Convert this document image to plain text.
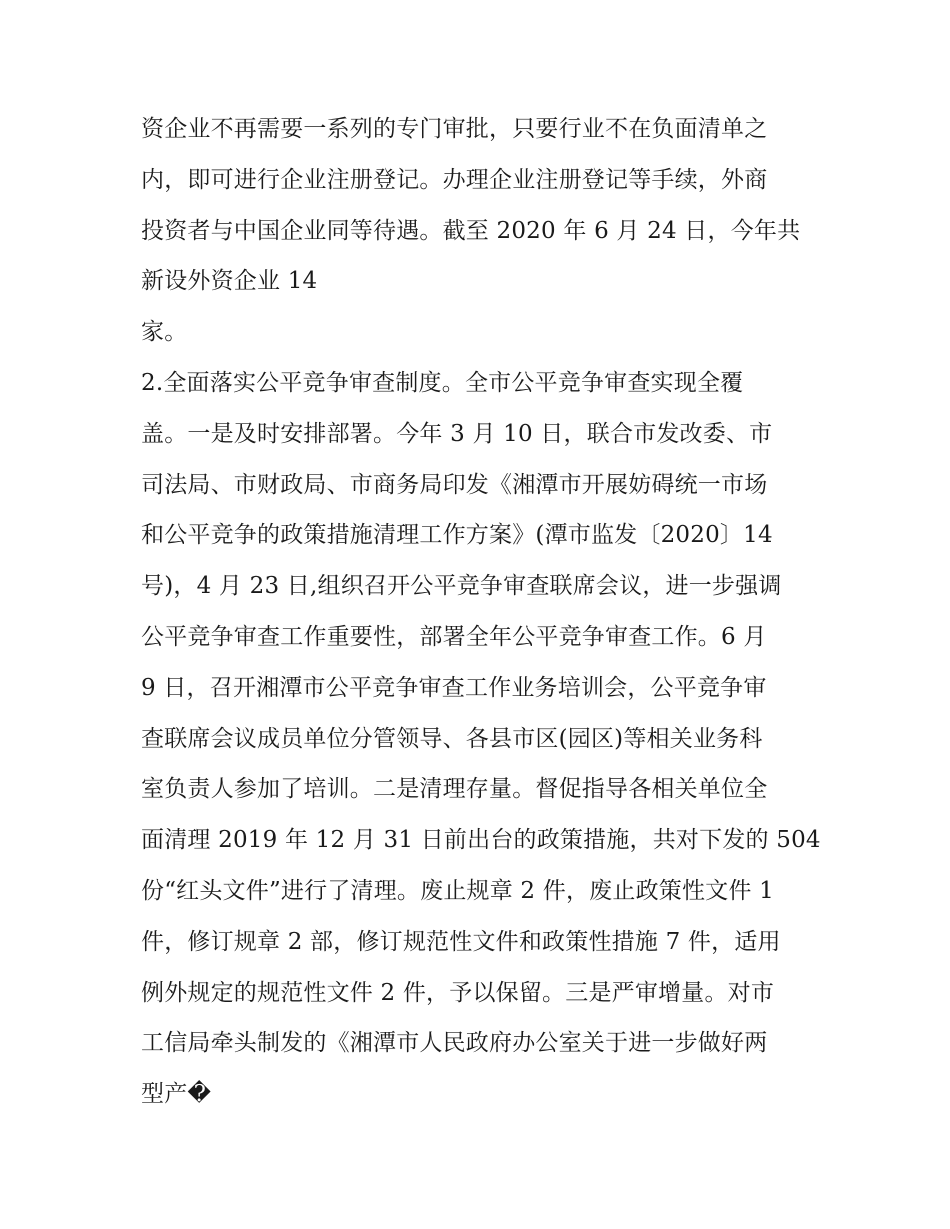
资企业不再需要一系列的专门审批，只要行业不在负面清单之
内，即可进行企业注册登记。办理企业注册登记等手续，外商
投资者与中国企业同等待遇。截至 2020 年 6 月 24 日，今年共
新设外资企业 14
家。
2.全面落实公平竞争审查制度。全市公平竞争审查实现全覆
盖。一是及时安排部署。今年 3 月 10 日，联合市发改委、市
司法局、市财政局、市商务局印发《湘潭市开展妨碍统一市场
和公平竞争的政策措施清理工作方案》(潭市监发〔2020〕14
号)，4 月 23 日,组织召开公平竞争审查联席会议，进一步强调
公平竞争审查工作重要性，部署全年公平竞争审查工作。6 月
9 日，召开湘潭市公平竞争审查工作业务培训会，公平竞争审
查联席会议成员单位分管领导、各县市区(园区)等相关业务科
室负责人参加了培训。二是清理存量。督促指导各相关单位全
面清理 2019 年 12 月 31 日前出台的政策措施，共对下发的 504
份“红头文件”进行了清理。废止规章 2 件，废止政策性文件 1
件，修订规章 2 部，修订规范性文件和政策性措施 7 件，适用
例外规定的规范性文件 2 件，予以保留。三是严审增量。对市
工信局牵头制发的《湘潭市人民政府办公室关于进一步做好两
型产�
